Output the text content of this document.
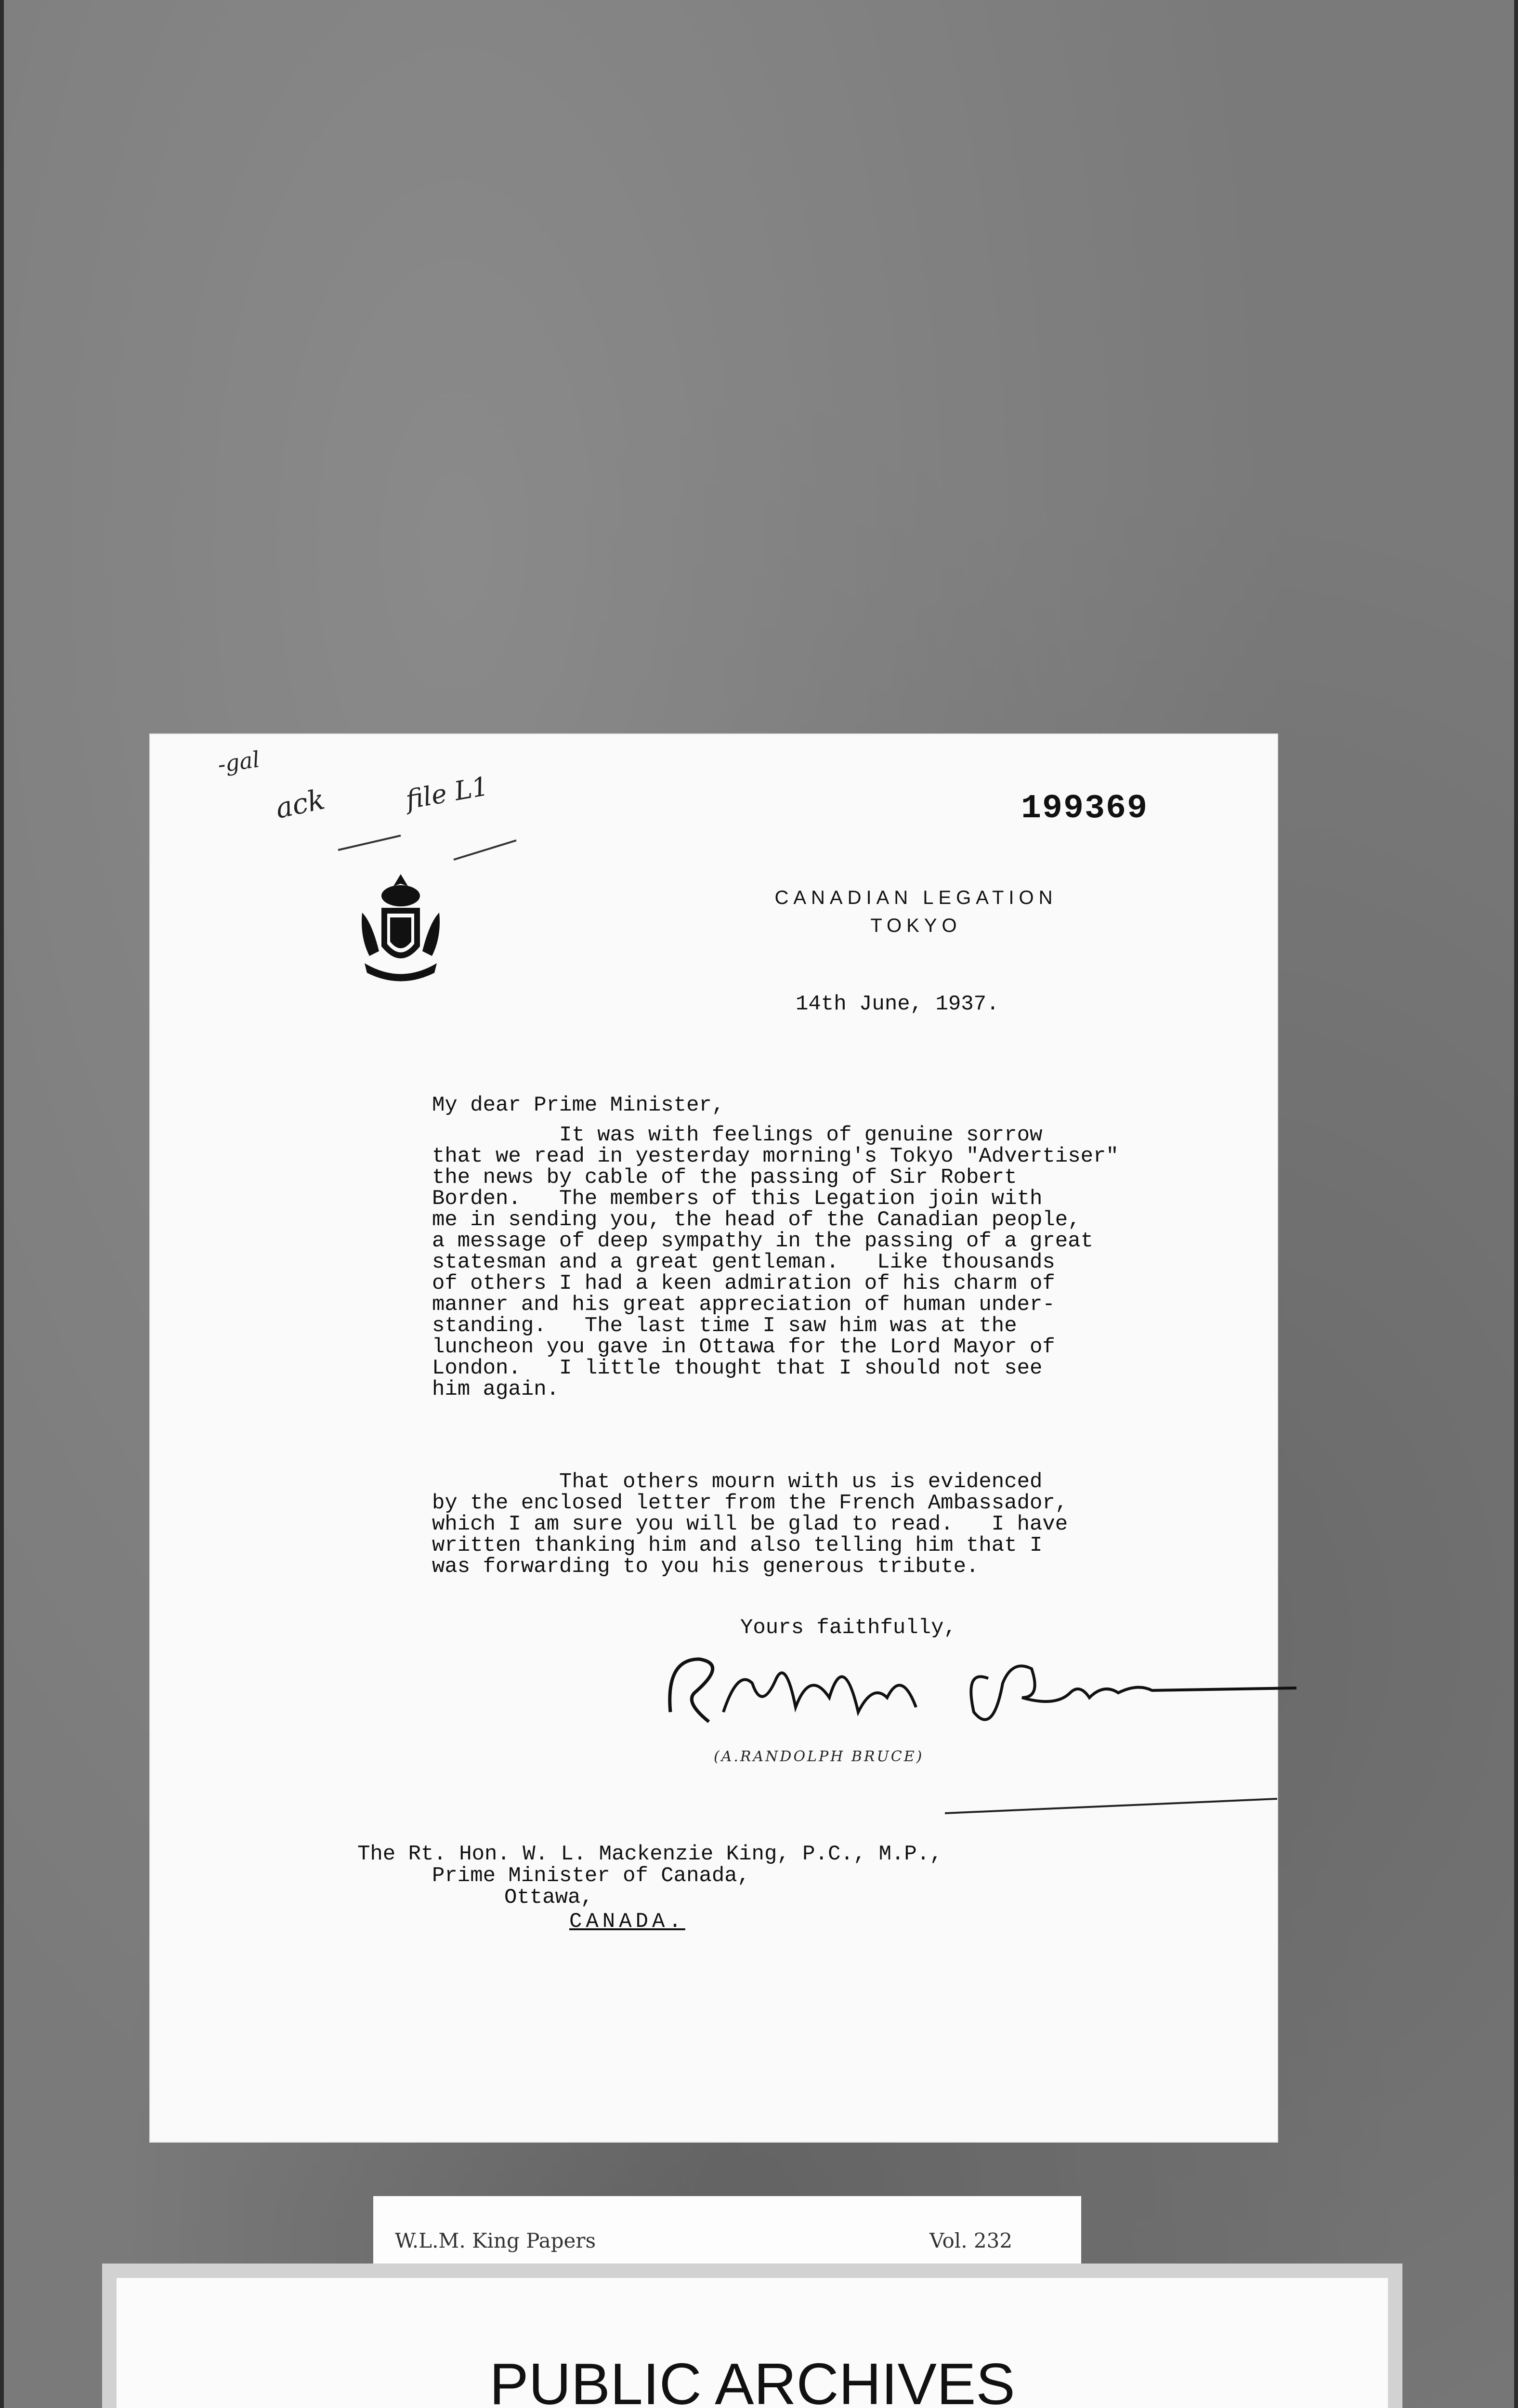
-gal
ack	file L1	199369
CANADIAN LEGATION
TOKYO
14th June, 1937.
My dear Prime Minister,
It was with feelings of genuine sorrow
that we read in yesterday morning's Tokyo "Advertiser"
the news by cable of the passing of Sir Robert
Borden.   The members of this Legation join with
me in sending you, the head of the Canadian people,
a message of deep sympathy in the passing of a great
statesman and a great gentleman.   Like thousands
of others I had a keen admiration of his charm of
manner and his great appreciation of human under-
standing.   The last time I saw him was at the
luncheon you gave in Ottawa for the Lord Mayor of
London.   I little thought that I should not see
him again.
That others mourn with us is evidenced
by the enclosed letter from the French Ambassador,
which I am sure you will be glad to read.   I have
written thanking him and also telling him that I
was forwarding to you his generous tribute.
Yours faithfully,
(A.RANDOLPH BRUCE)
The Rt. Hon. W. L. Mackenzie King, P.C., M.P.,
Prime Minister of Canada,
Ottawa,
CANADA.
W.L.M. King Papers	Vol. 232
PUBLIC ARCHIVES
